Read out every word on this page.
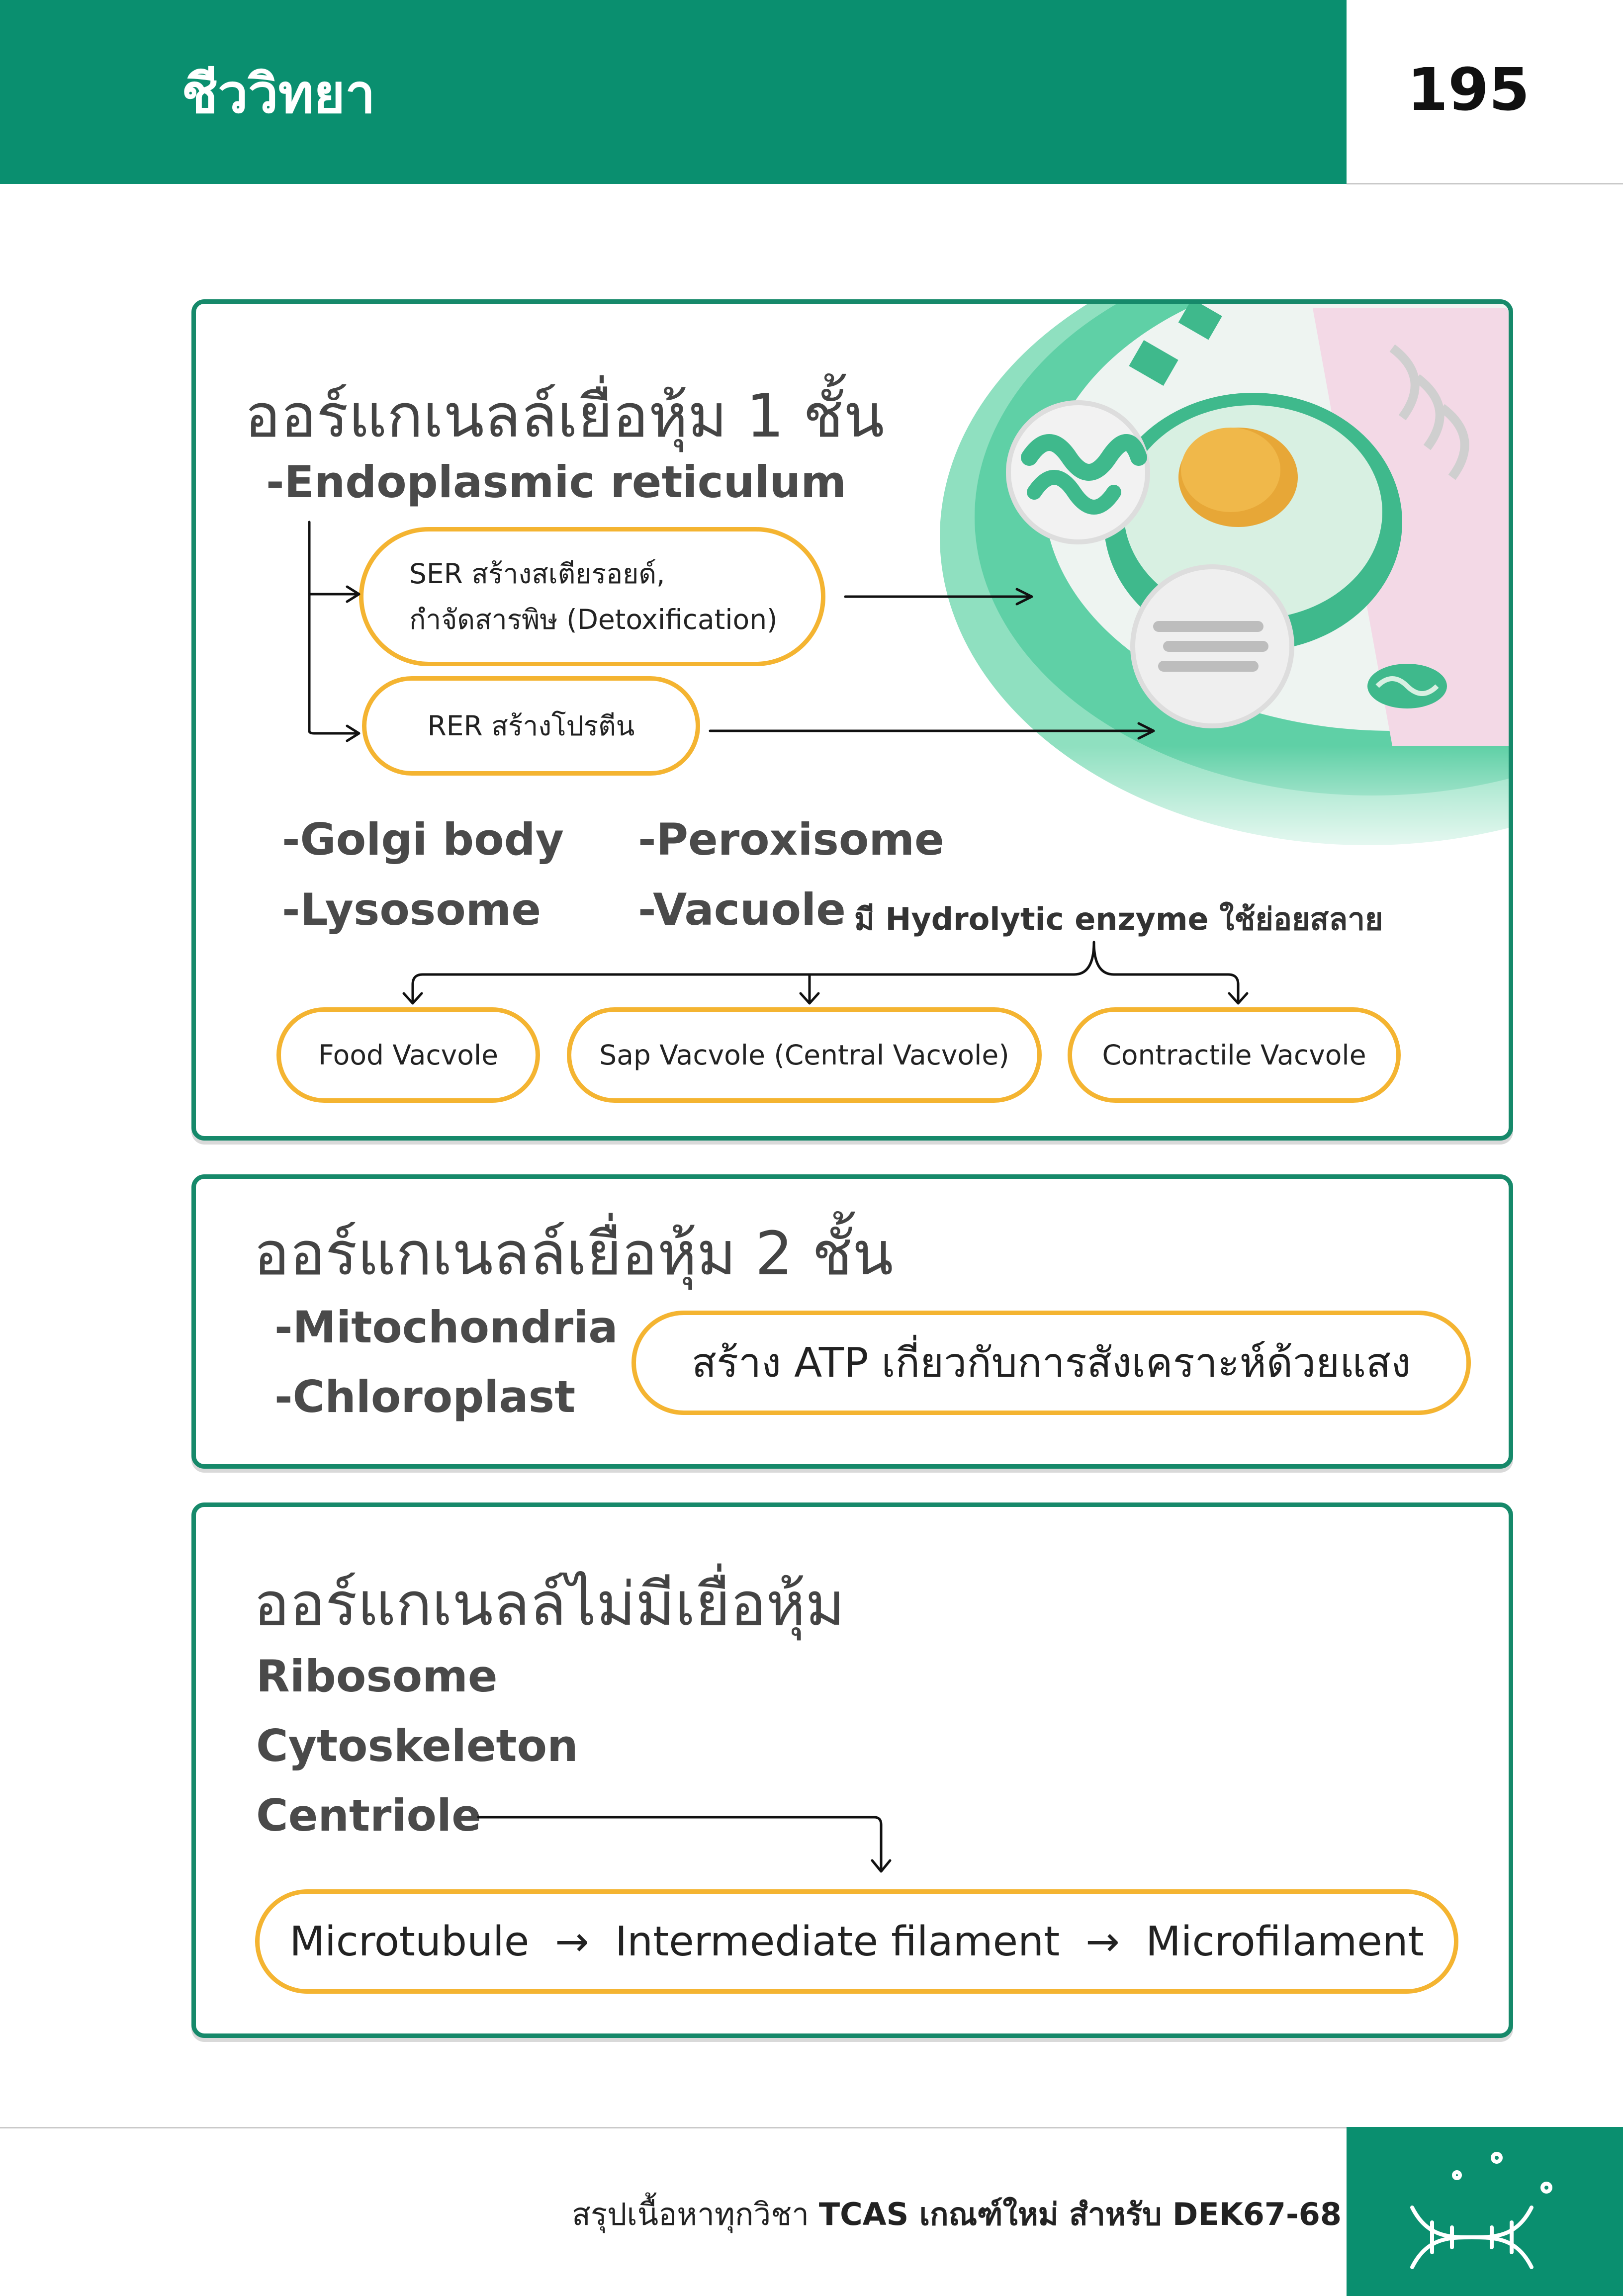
ชีววิทยา	195
ออร์แกเนลล์เยื่อหุ้ม 1 ชั้น
-Endoplasmic reticulum
SER สร้างสเตียรอยด์,
กำจัดสารพิษ (Detoxification)
RER สร้างโปรตีน
-Golgi body
-Lysosome
-Peroxisome
-Vacuole มี Hydrolytic enzyme ใช้ย่อยสลาย
Food Vacvole	Sap Vacvole (Central Vacvole)	Contractile Vacvole
ออร์แกเนลล์เยื่อหุ้ม 2 ชั้น
-Mitochondria
-Chloroplast
สร้าง ATP เกี่ยวกับการสังเคราะห์ด้วยแสง
ออร์แกเนลล์ไม่มีเยื่อหุ้ม
Ribosome
Cytoskeleton
Centriole
Microtubule → Intermediate filament → Microfilament
สรุปเนื้อหาทุกวิชา TCAS เกณฑ์ใหม่ สำหรับ DEK67-68
